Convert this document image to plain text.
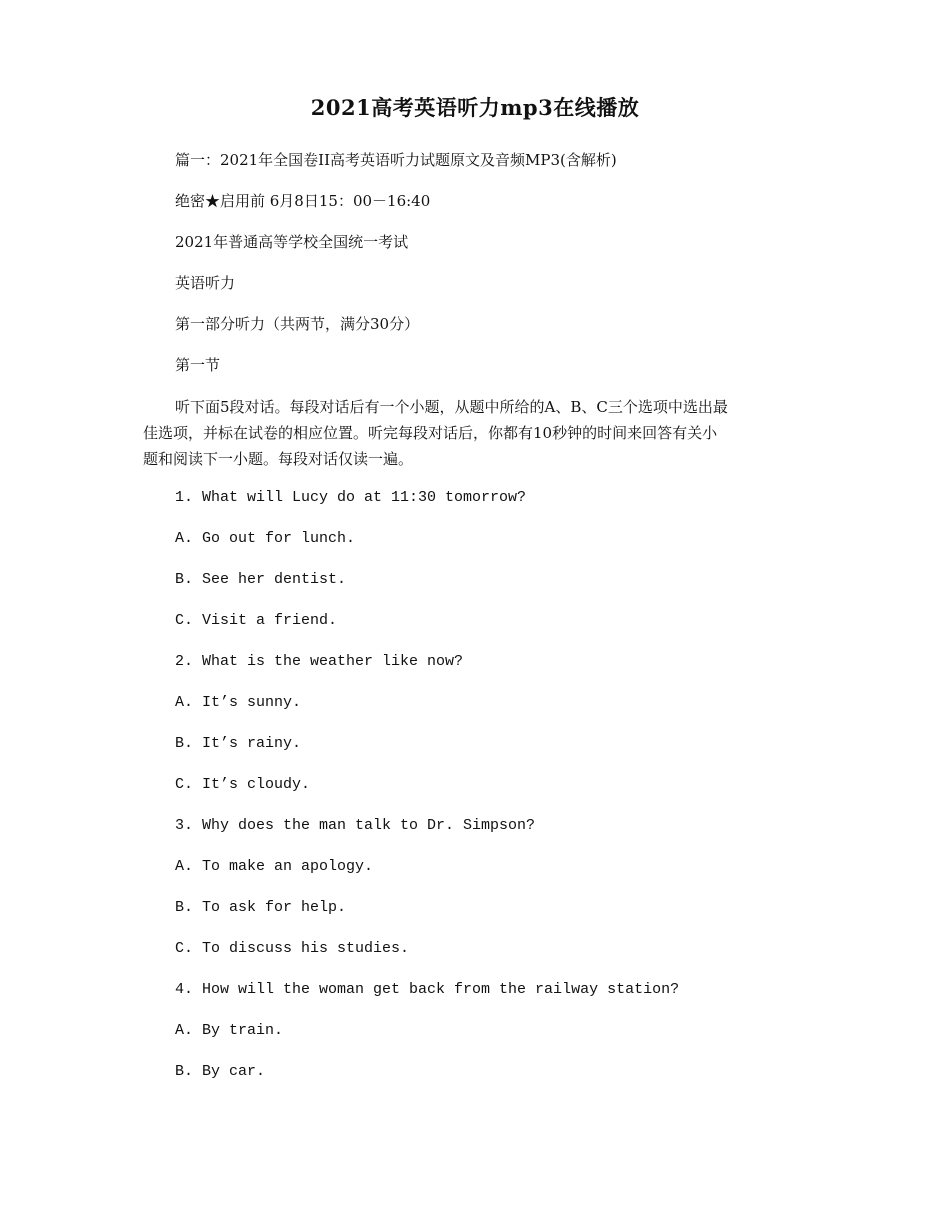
2021高考英语听力mp3在线播放
篇一：2021年全国卷II高考英语听力试题原文及音频MP3(含解析)
绝密★启用前 6月8日15：00－16:40
2021年普通高等学校全国统一考试
英语听力
第一部分听力（共两节，满分30分）
第一节
听下面5段对话。每段对话后有一个小题，从题中所给的A、B、C三个选项中选出最
佳选项，并标在试卷的相应位置。听完每段对话后，你都有10秒钟的时间来回答有关小
题和阅读下一小题。每段对话仅读一遍。
1. What will Lucy do at 11:30 tomorrow?
A. Go out for lunch.
B. See her dentist.
C. Visit a friend.
2. What is the weather like now?
A. It’s sunny.
B. It’s rainy.
C. It’s cloudy.
3. Why does the man talk to Dr. Simpson?
A. To make an apology.
B. To ask for help.
C. To discuss his studies.
4. How will the woman get back from the railway station?
A. By train.
B. By car.
